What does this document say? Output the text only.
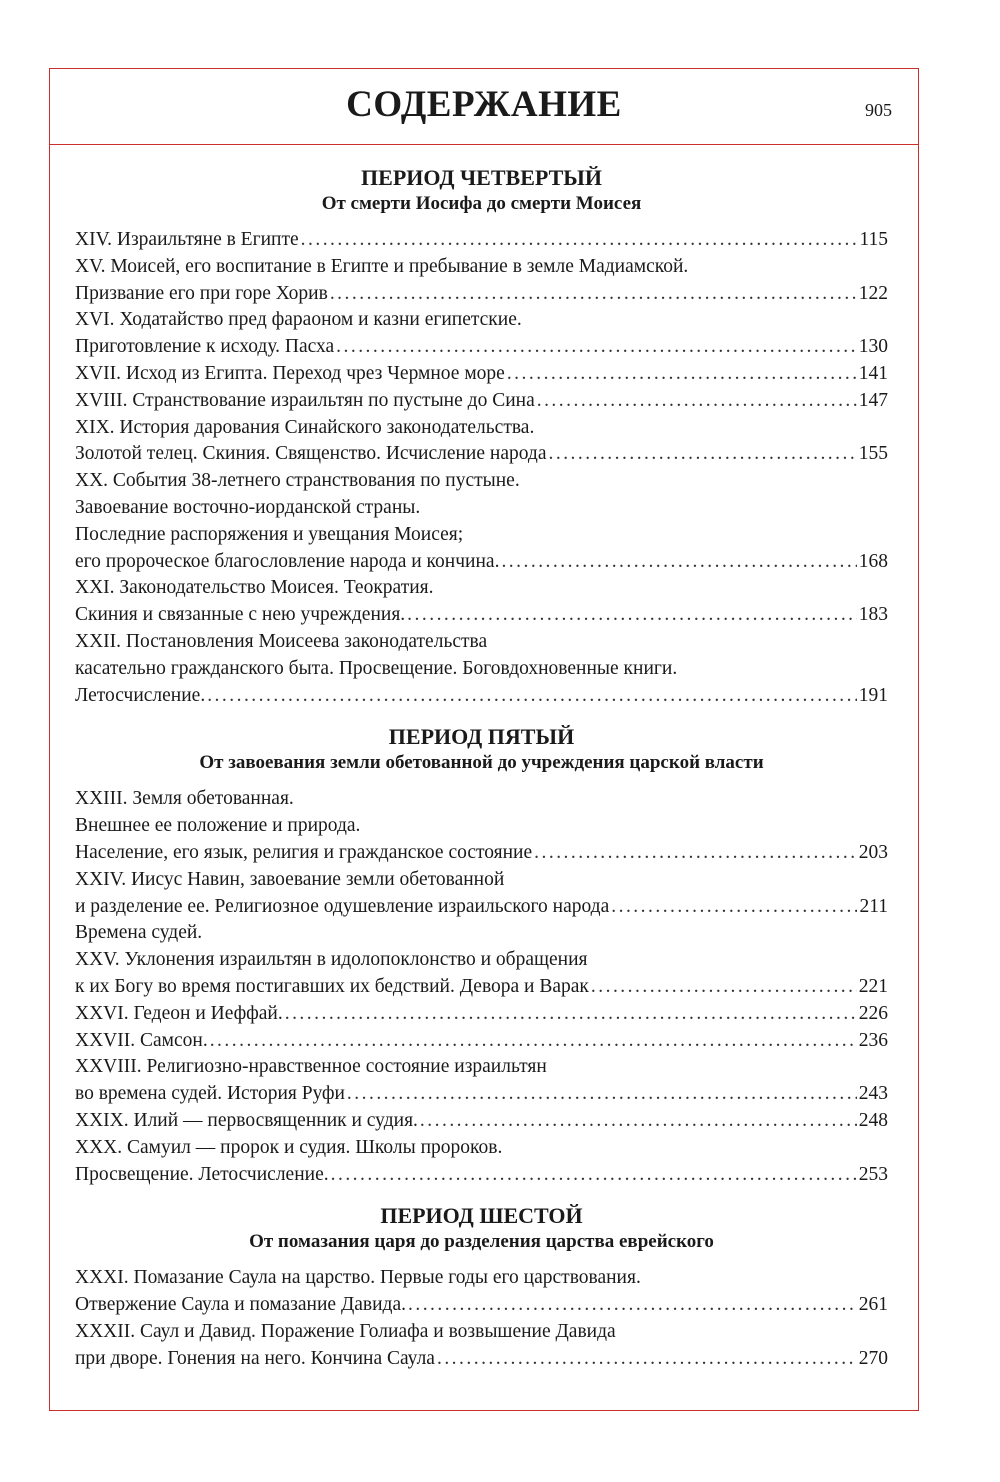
СОДЕРЖАНИЕ	905
ПЕРИОД ЧЕТВЕРТЫЙ
От смерти Иосифа до смерти Моисея
XIV. Израильтяне в Египте . . .	115
XV. Моисей, его воспитание в Египте и пребывание в земле Мадиамской.
Призвание его при горе Хорив . . .	122
XVI. Ходатайство пред фараоном и казни египетские.
Приготовление к исходу. Пасха . . .	130
XVII. Исход из Египта. Переход чрез Чермное море . . .	141
XVIII. Странствование израильтян по пустыне до Сина . . .	147
XIX. История дарования Синайского законодательства.
Золотой телец. Скиния. Священство. Исчисление народа . . .	155
XX. События 38-летнего странствования по пустыне.
Завоевание восточно-иорданской страны.
Последние распоряжения и увещания Моисея;
его пророческое благословление народа и кончина. . . .	168
XXI. Законодательство Моисея. Теократия.
Скиния и связанные с нею учреждения. . . .	183
XXII. Постановления Моисеева законодательства
касательно гражданского быта. Просвещение. Боговдохновенные книги.
Летосчисление. . . .	191
ПЕРИОД ПЯТЫЙ
От завоевания земли обетованной до учреждения царской власти
XXIII. Земля обетованная.
Внешнее ее положение и природа.
Население, его язык, религия и гражданское состояние . . .	203
XXIV. Иисус Навин, завоевание земли обетованной
и разделение ее. Религиозное одушевление израильского народа . . .	211
Времена судей.
XXV. Уклонения израильтян в идолопоклонство и обращения
к их Богу во время постигавших их бедствий. Девора и Варак . . .	221
XXVI. Гедеон и Иеффай. . . .	226
XXVII. Самсон. . . .	236
XXVIII. Религиозно-нравственное состояние израильтян
во времена судей. История Руфи . . .	243
XXIX. Илий — первосвященник и судия. . . .	248
XXX. Самуил — пророк и судия. Школы пророков.
Просвещение. Летосчисление. . . .	253
ПЕРИОД ШЕСТОЙ
От помазания царя до разделения царства еврейского
XXXI. Помазание Саула на царство. Первые годы его царствования.
Отвержение Саула и помазание Давида. . . .	261
XXXII. Саул и Давид. Поражение Голиафа и возвышение Давида
при дворе. Гонения на него. Кончина Саула . . .	270
